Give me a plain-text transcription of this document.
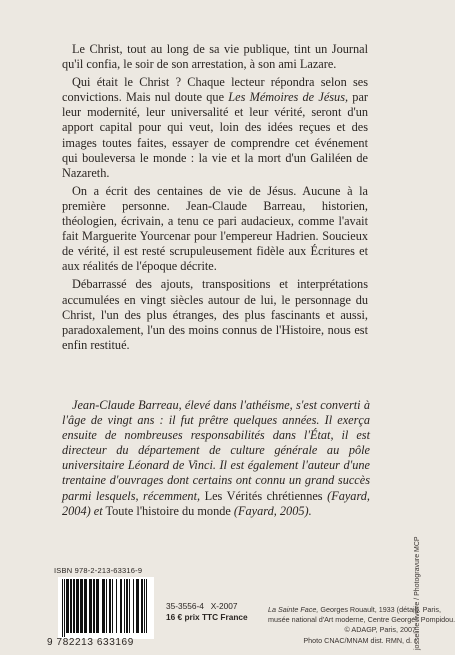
Le Christ, tout au long de sa vie publique, tint un Journal qu'il confia, le soir de son arrestation, à son ami Lazare.

Qui était le Christ ? Chaque lecteur répondra selon ses convictions. Mais nul doute que Les Mémoires de Jésus, par leur modernité, leur universalité et leur vérité, seront d'un apport capital pour qui veut, loin des idées reçues et des images toutes faites, essayer de comprendre cet événement qui bouleversa le monde : la vie et la mort d'un Galiléen de Nazareth.

On a écrit des centaines de vie de Jésus. Aucune à la première personne. Jean-Claude Barreau, historien, théologien, écrivain, a tenu ce pari audacieux, comme l'avait fait Marguerite Yourcenar pour l'empereur Hadrien. Soucieux de vérité, il est resté scrupuleusement fidèle aux Écritures et aux réalités de l'époque décrite.

Débarrassé des ajouts, transpositions et interprétations accumulées en vingt siècles autour de lui, le personnage du Christ, l'un des plus étranges, des plus fascinants et aussi, paradoxalement, l'un des moins connus de l'Histoire, nous est enfin restitué.

Jean-Claude Barreau, élevé dans l'athéisme, s'est converti à l'âge de vingt ans : il fut prêtre quelques années. Il exerça ensuite de nombreuses responsabilités dans l'État, il est directeur du département de culture générale au pôle universitaire Léonard de Vinci. Il est également l'auteur d'une trentaine d'ouvrages dont certains ont connu un grand succès parmi lesquels, récemment, Les Vérités chrétiennes (Fayard, 2004) et Toute l'histoire du monde (Fayard, 2005).

ISBN 978-2-213-63316-9
9 782213 633169
35-3556-4 X-2007
16 € prix TTC France
La Sainte Face, Georges Rouault, 1933 (détail). Paris,
musée national d'Art moderne, Centre Georges Pompidou.
© ADAGP, Paris, 2007.
Photo CNAC/MNAM dist. RMN, d. r.
josseline rivière / Photogravure MCP
